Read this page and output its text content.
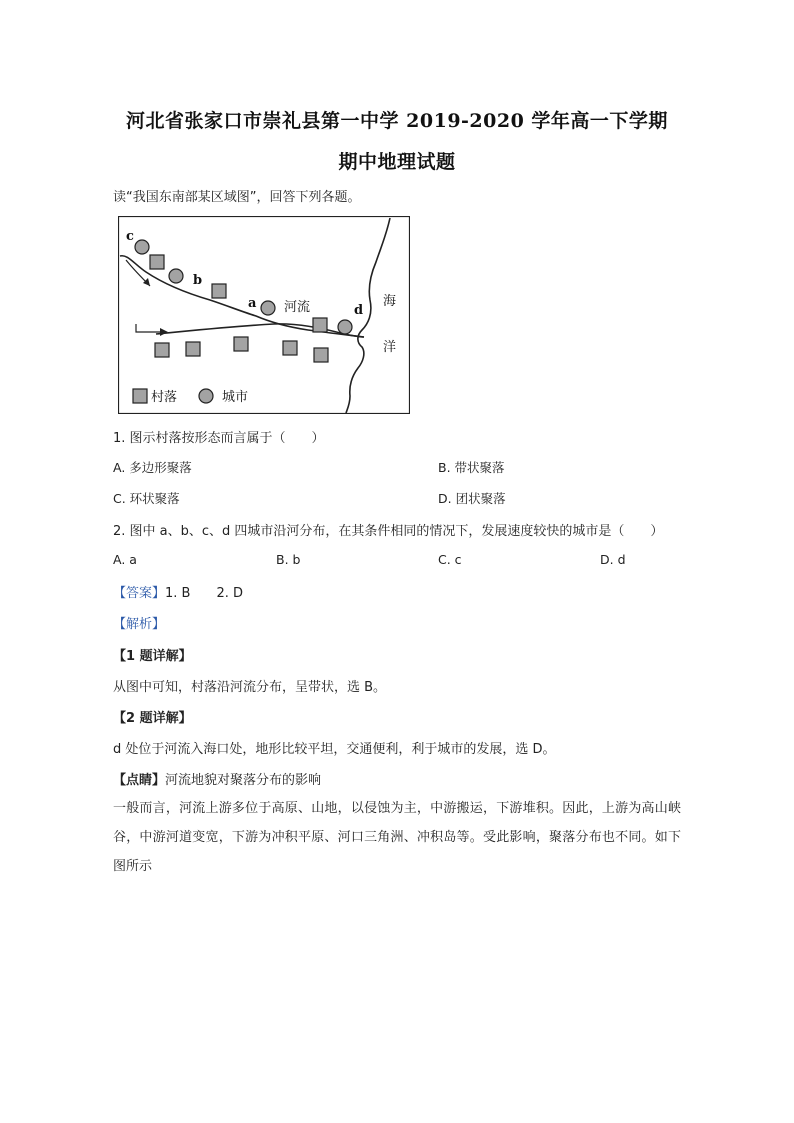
河北省张家口市崇礼县第一中学 2019-2020 学年高一下学期
期中地理试题
读“我国东南部某区域图”，回答下列各题。
c
b
a	d
河流	海
洋
村落	城市
1. 图示村落按形态而言属于（　　）
A. 多边形聚落	B. 带状聚落
C. 环状聚落	D. 团状聚落
2. 图中 a、b、c、d 四城市沿河分布，在其条件相同的情况下，发展速度较快的城市是（　　）
A. a	B. b	C. c	D. d
【答案】1. B　　2. D
【解析】
【1 题详解】
从图中可知，村落沿河流分布，呈带状，选 B。
【2 题详解】
d 处位于河流入海口处，地形比较平坦，交通便利，利于城市的发展，选 D。
【点睛】河流地貌对聚落分布的影响
一般而言，河流上游多位于高原、山地，以侵蚀为主，中游搬运，下游堆积。因此，上游为高山峡谷，中游河道变宽，下游为冲积平原、河口三角洲、冲积岛等。受此影响，聚落分布也不同。如下图所示
